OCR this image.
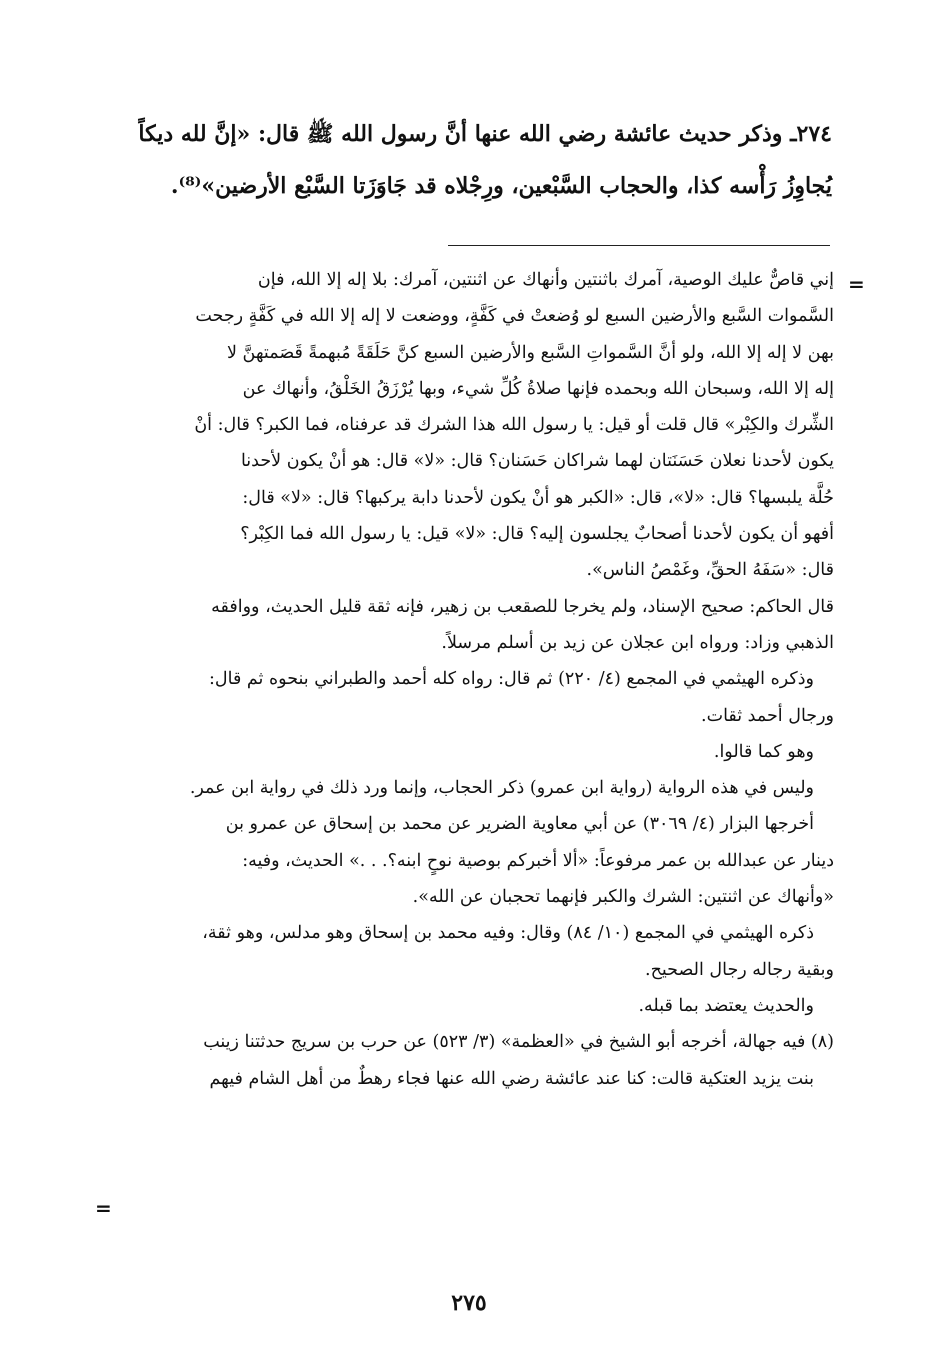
٢٧٤ـ وذكر حديث عائشة رضي الله عنها أنَّ رسول الله ﷺ قال: «إنَّ لله ديكاً

يُجاوِزُ رَأْسه كذا، والحجاب السَّبْعين، ورِجْلاه قد جَاوَزَتا السَّبْع الأرضين»⁽⁸⁾.

=

إني قاصٌّ عليك الوصية، آمرك باثنتين وأنهاك عن اثنتين، آمرك: بلا إله إلا الله، فإن

السَّموات السَّبع والأرضين السبع لو وُضعتْ في كَفَّةٍ، ووضعت لا إله إلا الله في كَفَّةٍ رجحت

بهن لا إله إلا الله، ولو أنَّ السَّمواتِ السَّبع والأرضين السبع كنَّ حَلَقَةً مُبهمةً قَصَمتهنَّ لا

إله إلا الله، وسبحان الله وبحمده فإنها صلاةُ كُلِّ شيء، وبها يُرْزَقُ الخَلْقُ، وأنهاك عن

الشِّرك والكِبْر» قال قلت أو قيل: يا رسول الله هذا الشرك قد عرفناه، فما الكبر؟ قال: أنْ

يكون لأحدنا نعلان حَسَنَتان لهما شراكان حَسَنان؟ قال: «لا» قال: هو أنْ يكون لأحدنا

حُلَّة يلبسها؟ قال: «لا»، قال: «الكبر هو أنْ يكون لأحدنا دابة يركبها؟ قال: «لا» قال:

أفهو أن يكون لأحدنا أصحابٌ يجلسون إليه؟ قال: «لا» قيل: يا رسول الله فما الكِبْر؟

قال: «سَفَهُ الحقِّ، وغَمْصُ الناس».

قال الحاكم: صحيح الإسناد، ولم يخرجا للصقعب بن زهير، فإنه ثقة قليل الحديث، ووافقه

الذهبي وزاد: ورواه ابن عجلان عن زيد بن أسلم مرسلاً.

وذكره الهيثمي في المجمع (٤/ ٢٢٠) ثم قال: رواه كله أحمد والطبراني بنحوه ثم قال:

ورجال أحمد ثقات.

وهو كما قالوا.

وليس في هذه الرواية (رواية ابن عمرو) ذكر الحجاب، وإنما ورد ذلك في رواية ابن عمر.

أخرجها البزار (٤/ ٣٠٦٩) عن أبي معاوية الضرير عن محمد بن إسحاق عن عمرو بن

دينار عن عبدالله بن عمر مرفوعاً: «ألا أخبركم بوصية نوحٍ ابنه؟. . .» الحديث، وفيه:

«وأنهاك عن اثنتين: الشرك والكبر فإنهما تحجبان عن الله».

ذكره الهيثمي في المجمع (١٠/ ٨٤) وقال: وفيه محمد بن إسحاق وهو مدلس، وهو ثقة،

وبقية رجاله رجال الصحيح.

والحديث يعتضد بما قبله.

(٨) فيه جهالة، أخرجه أبو الشيخ في «العظمة» (٣/ ٥٢٣) عن حرب بن سريج حدثتنا زينب

بنت يزيد العتكية قالت: كنا عند عائشة رضي الله عنها فجاء رهطٌ من أهل الشام فيهم

=
٢٧٥
